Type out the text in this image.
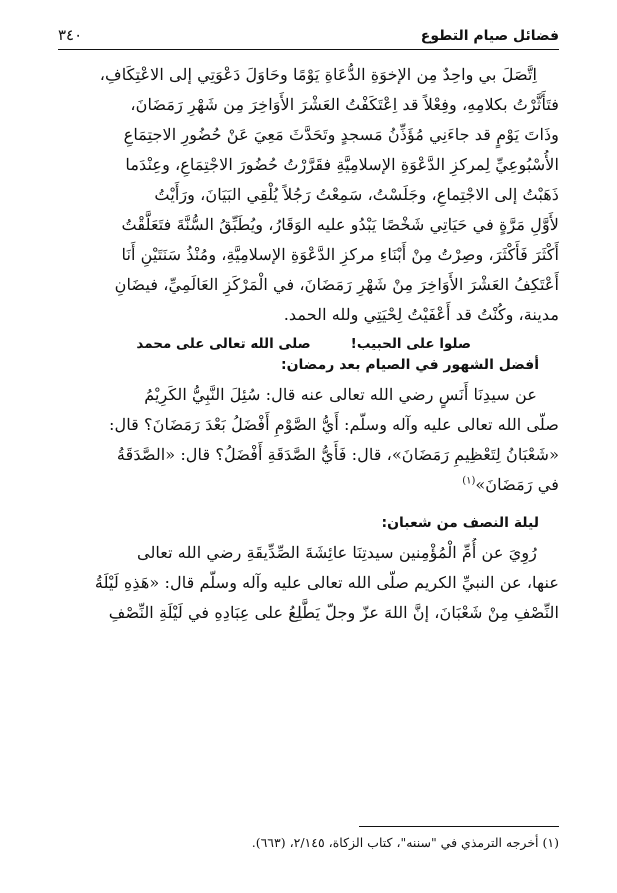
فضائل صيام التطوع
٣٤٠
اِتَّصَلَ بي واحِدٌ مِن الإخوَةِ الدُّعَاةِ يَوْمًا وحَاوَلَ دَعْوَتِي إلى الاعْتِكَافِ،
فتَأَثَّرْتُ بكلامِهِ، وفِعْلاً قد اِعْتَكَفْتُ العَشْرَ الأَوَاخِرَ مِن شَهْرِ رَمَضَانَ،
وذَاتَ يَوْمٍ قد جاءَنِي مُؤَذِّنُ مَسجدٍ وتَحَدَّثَ مَعِيَ عَنْ حُضُورِ الاجتِمَاعِ
الأُسْبُوعِيِّ لِمركزِ الدَّعْوَةِ الإسلامِيَّةِ فقَرَّرْتُ حُضُورَ الاجْتِمَاعِ، وعِنْدَما
ذَهَبْتُ إلى الاجْتِماعِ، وجَلَسْتُ، سَمِعْتُ رَجُلاً يُلْقِي البَيَانَ، ورَأَيْتُ
لأَوَّلِ مَرَّةٍ في حَيَاتِي شَخْصًا يَبْدُو عليه الوَقَارُ، ويُطَبِّقُ السُّنَّةَ فتَعَلَّقْتُ
أَكْثَرَ فَأَكْثَرَ، وصِرْتُ مِنْ أَبْنَاءِ مركزِ الدَّعْوَةِ الإسلامِيَّةِ، ومُنْذُ سَنَتَيْنِ أَنَا
أَعْتَكِفُ العَشْرَ الأَوَاخِرَ مِنْ شَهْرِ رَمَضَانَ، في الْمَرْكَزِ العَالَمِيِّ، فيضَانِ
مدينة، وكُنْتُ قد أَعْفَيْتُ لِحْيَتِي ولله الحمد.
صلوا على الحبيب!
صلى الله تعالى على محمد
أفضل الشهور في الصيام بعد رمضان:
عن سيدِنَا أَنَسٍ رضي الله تعالى عنه قال: سُئِلَ النَّبِيُّ الكَرِيْمُ
صلّى الله تعالى عليه وآله وسلّم: أَيُّ الصَّوْمِ أَفْضَلُ بَعْدَ رَمَضَانَ؟ قال:
«شَعْبَانُ لِتَعْظِيمِ رَمَضَانَ»، قال: فَأَيُّ الصَّدَقَةِ أَفْضَلُ؟ قال: «الصَّدَقَةُ
في رَمَضَانَ»$^{(١)}$
ليلة النصف من شعبان:
رُوِيَ عن أُمِّ الْمُؤْمِنين سيدتِنَا عائِشَةَ الصِّدِّيقَةِ رضي الله تعالى
عنها، عن النبيِّ الكريم صلّى الله تعالى عليه وآله وسلّم قال: «هَذِهِ لَيْلَةُ
النِّصْفِ مِنْ شَعْبَانَ، إنَّ اللهَ عزّ وجلّ يَطَّلِعُ على عِبَادِهِ في لَيْلَةِ النِّصْفِ
(١) أخرجه الترمذي في "سننه"، كتاب الزكاة، ٢/١٤٥، (٦٦٣).
